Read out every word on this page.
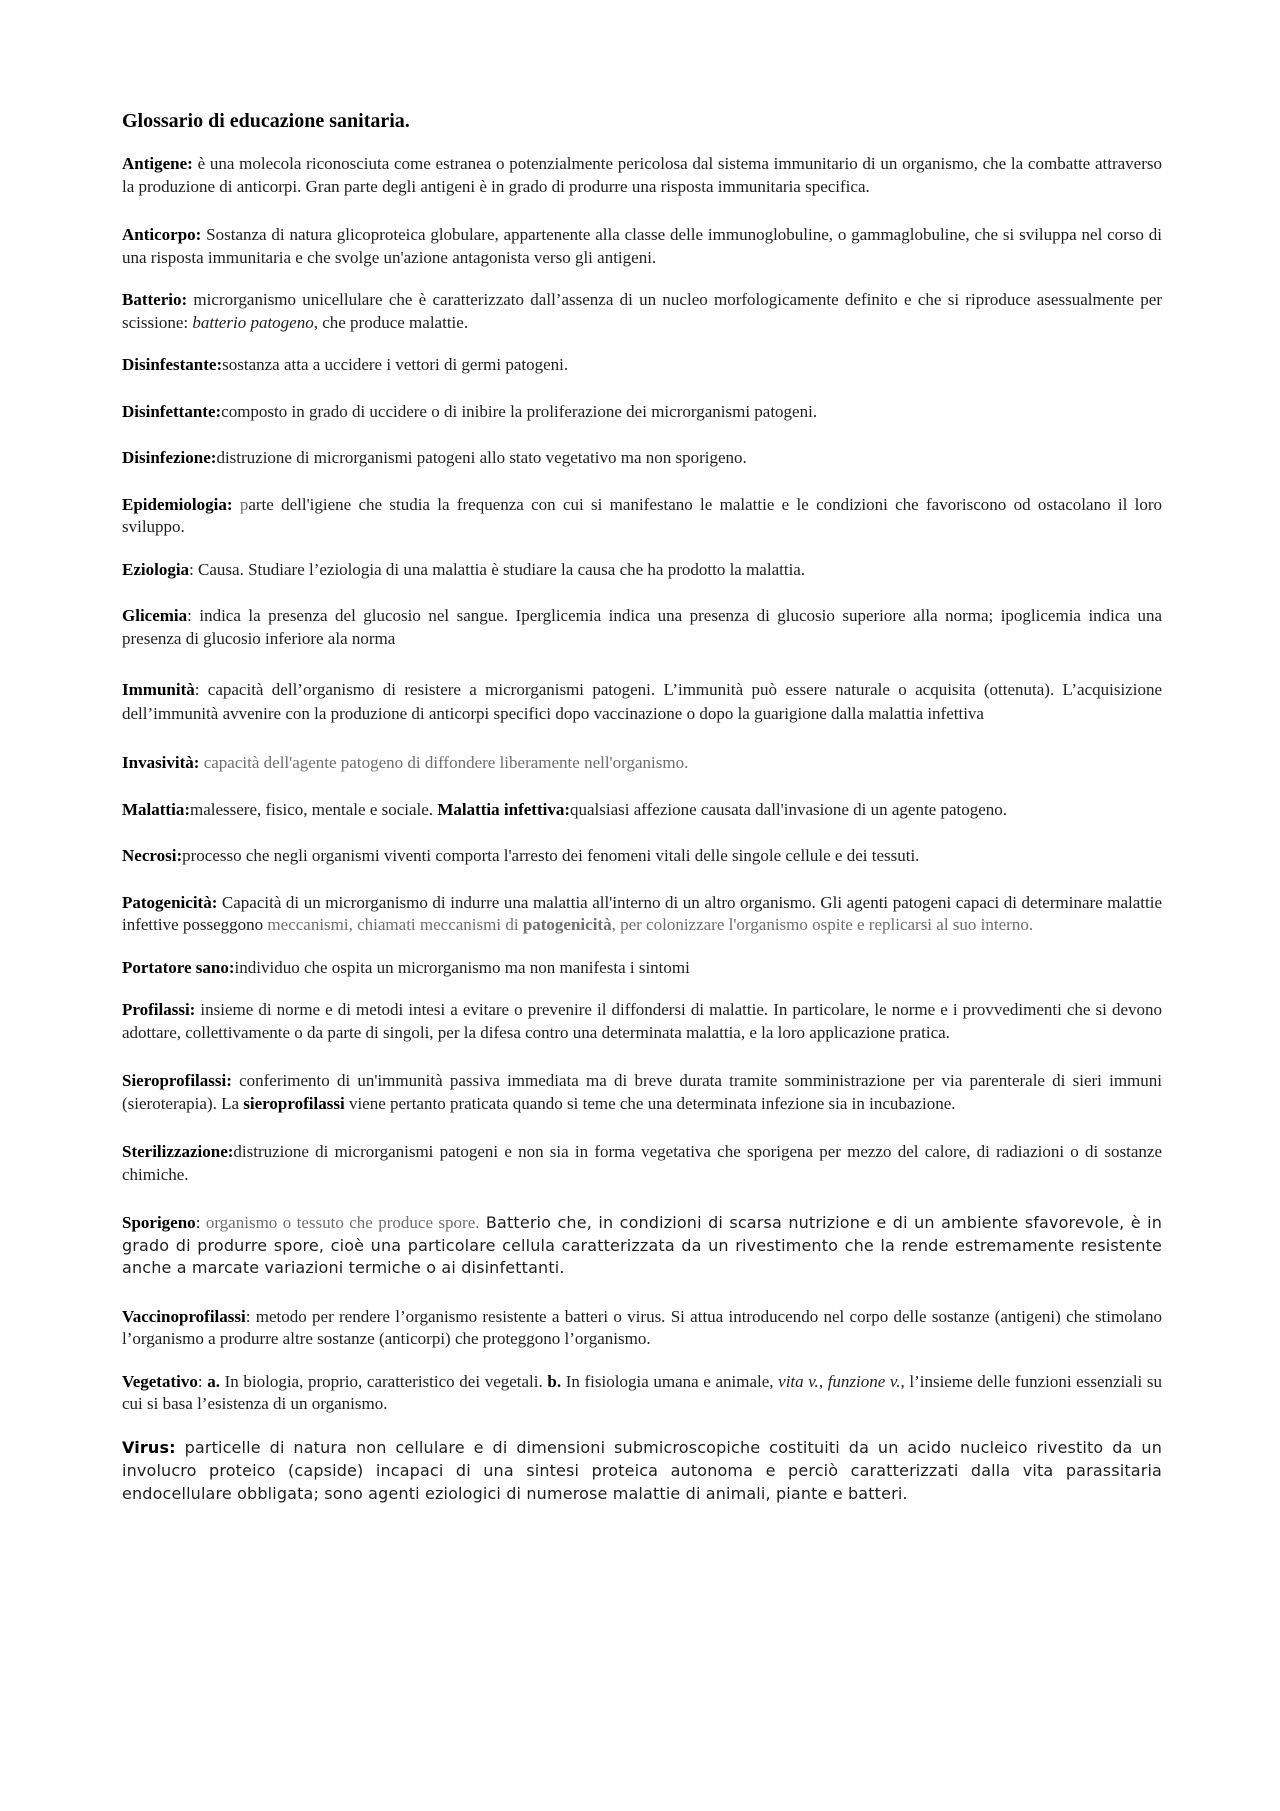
Glossario di educazione sanitaria.

Antigene: è una molecola riconosciuta come estranea o potenzialmente pericolosa dal sistema immunitario di un organismo, che la combatte attraverso la produzione di anticorpi. Gran parte degli antigeni è in grado di produrre una risposta immunitaria specifica.

Anticorpo: Sostanza di natura glicoproteica globulare, appartenente alla classe delle immunoglobuline, o gammaglobuline, che si sviluppa nel corso di una risposta immunitaria e che svolge un'azione antagonista verso gli antigeni.

Batterio: microrganismo unicellulare che è caratterizzato dall’assenza di un nucleo morfologicamente definito e che si riproduce asessualmente per scissione: batterio patogeno, che produce malattie.

Disinfestante:sostanza atta a uccidere i vettori di germi patogeni.

Disinfettante:composto in grado di uccidere o di inibire la proliferazione dei microrganismi patogeni.

Disinfezione:distruzione di microrganismi patogeni allo stato vegetativo ma non sporigeno.

Epidemiologia: parte dell'igiene che studia la frequenza con cui si manifestano le malattie e le condizioni che favoriscono od ostacolano il loro sviluppo.

Eziologia: Causa. Studiare l’eziologia di una malattia è studiare la causa che ha prodotto la malattia.

Glicemia: indica la presenza del glucosio nel sangue. Iperglicemia indica una presenza di glucosio superiore alla norma; ipoglicemia indica una presenza di glucosio inferiore ala norma

Immunità: capacità dell’organismo di resistere a microrganismi patogeni. L’immunità può essere naturale o acquisita (ottenuta). L’acquisizione dell’immunità avvenire con la produzione di anticorpi specifici dopo vaccinazione o dopo la guarigione dalla malattia infettiva

Invasività: capacità dell'agente patogeno di diffondere liberamente nell'organismo.

Malattia:malessere, fisico, mentale e sociale. Malattia infettiva:qualsiasi affezione causata dall'invasione di un agente patogeno.

Necrosi:processo che negli organismi viventi comporta l'arresto dei fenomeni vitali delle singole cellule e dei tessuti.

Patogenicità: Capacità di un microrganismo di indurre una malattia all'interno di un altro organismo. Gli agenti patogeni capaci di determinare malattie infettive posseggono meccanismi, chiamati meccanismi di patogenicità, per colonizzare l'organismo ospite e replicarsi al suo interno.

Portatore sano:individuo che ospita un microrganismo ma non manifesta i sintomi

Profilassi: insieme di norme e di metodi intesi a evitare o prevenire il diffondersi di malattie. In particolare, le norme e i provvedimenti che si devono adottare, collettivamente o da parte di singoli, per la difesa contro una determinata malattia, e la loro applicazione pratica.

Sieroprofilassi: conferimento di un'immunità passiva immediata ma di breve durata tramite somministrazione per via parenterale di sieri immuni (sieroterapia). La sieroprofilassi viene pertanto praticata quando si teme che una determinata infezione sia in incubazione.

Sterilizzazione:distruzione di microrganismi patogeni e non sia in forma vegetativa che sporigena per mezzo del calore, di radiazioni o di sostanze chimiche.

Sporigeno: organismo o tessuto che produce spore. Batterio che, in condizioni di scarsa nutrizione e di un ambiente sfavorevole, è in grado di produrre spore, cioè una particolare cellula caratterizzata da un rivestimento che la rende estremamente resistente anche a marcate variazioni termiche o ai disinfettanti.

Vaccinoprofilassi: metodo per rendere l’organismo resistente a batteri o virus. Si attua introducendo nel corpo delle sostanze (antigeni) che stimolano l’organismo a produrre altre sostanze (anticorpi) che proteggono l’organismo.

Vegetativo: a. In biologia, proprio, caratteristico dei vegetali. b. In fisiologia umana e animale, vita v., funzione v., l’insieme delle funzioni essenziali su cui si basa l’esistenza di un organismo.

Virus: particelle di natura non cellulare e di dimensioni submicroscopiche costituiti da un acido nucleico rivestito da un involucro proteico (capside) incapaci di una sintesi proteica autonoma e perciò caratterizzati dalla vita parassitaria endocellulare obbligata; sono agenti eziologici di numerose malattie di animali, piante e batteri.
